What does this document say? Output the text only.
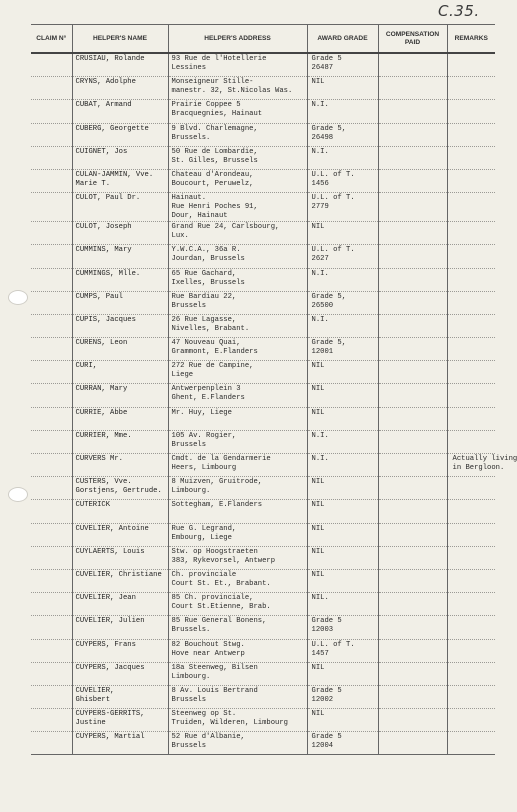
C.35.
CLAIM N°	HELPER'S NAME	HELPER'S ADDRESS	AWARD GRADE	COMPENSATION PAID	REMARKS

	CRUSIAU, Rolande	93 Rue de l'Hotellerie
Lessines	Grade 5
26487		

	CRYNS, Adolphe	Monseigneur Stille-
manestr. 32, St.Nicolas Was.	NIL		

	CUBAT, Armand	Prairie Coppee 5
Bracquegnies, Hainaut	N.I.		

	CUBERG, Georgette	9 Blvd. Charlemagne,
Brussels.	Grade 5,
26498		

	CUIGNET, Jos	50 Rue de Lombardie,
St. Gilles, Brussels	N.I.		

	CULAN-JAMMIN, Vve.
Marie T.	Chateau d'Arondeau,
Boucourt, Peruwelz,	U.L. of T.
1456		

	CULOT, Paul Dr.	Hainaut.
Rue Henri Poches 91,
Dour, Hainaut	U.L. of T.
2779		

	CULOT, Joseph	Grand Rue 24, Carlsbourg,
Lux.	NIL		

	CUMMINS, Mary	Y.W.C.A., 36a R.
Jourdan, Brussels	U.L. of T.
2627		

	CUMMINGS, Mlle.	65 Rue Gachard,
Ixelles, Brussels	N.I.		

	CUMPS, Paul	Rue Bardiau 22,
Brussels	Grade 5,
26500		

	CUPIS, Jacques	26 Rue Lagasse,
Nivelles, Brabant.	N.I.		

	CURENS, Leon	47 Nouveau Quai,
Grammont, E.Flanders	Grade 5,
12001		

	CURI,	272 Rue de Campine,
Liege	NIL		

	CURRAN, Mary	Antwerpenplein 3
Ghent, E.Flanders	NIL		

	CURRIE, Abbe	Mr. Huy, Liege	NIL		

	CURRIER, Mme.	105 Av. Rogier,
Brussels	N.I.		

	CURVERS Mr.	Cmdt. de la Gendarmerie
Heers, Limbourg	N.I.		Actually living
in Bergloon.

	CUSTERS, Vve.
Gorstjens, Gertrude.	8 Muizven, Gruitrode,
Limbourg.	NIL		

	CUTERICK	Sottegham, E.Flanders	NIL		

	CUVELIER, Antoine	Rue G. Legrand,
Embourg, Liege	NIL		

	CUYLAERTS, Louis	Stw. op Hoogstraeten
383, Rykevorsel, Antwerp	NIL		

	CUVELIER, Christiane	Ch. provinciale
Court St. Et., Brabant.	NIL		

	CUVELIER, Jean	85 Ch. provinciale,
Court St.Etienne, Brab.	NIL.		

	CUVELIER, Julien	85 Rue General Bonens,
Brussels.	Grade 5
12003		

	CUYPERS, Frans	82 Bouchout Stwg.
Hove near Antwerp	U.L. of T.
1457		

	CUYPERS, Jacques	18a Steenweg, Bilsen
Limbourg.	NIL		

	CUVELIER,
Ghisbert	8 Av. Louis Bertrand
Brussels	Grade 5
12002		

	CUYPERS-GERRITS,
Justine	Steenweg op St.
Truiden, Wilderen, Limbourg	NIL		

	CUYPERS, Martial	52 Rue d'Albanie,
Brussels	Grade 5
12004		
